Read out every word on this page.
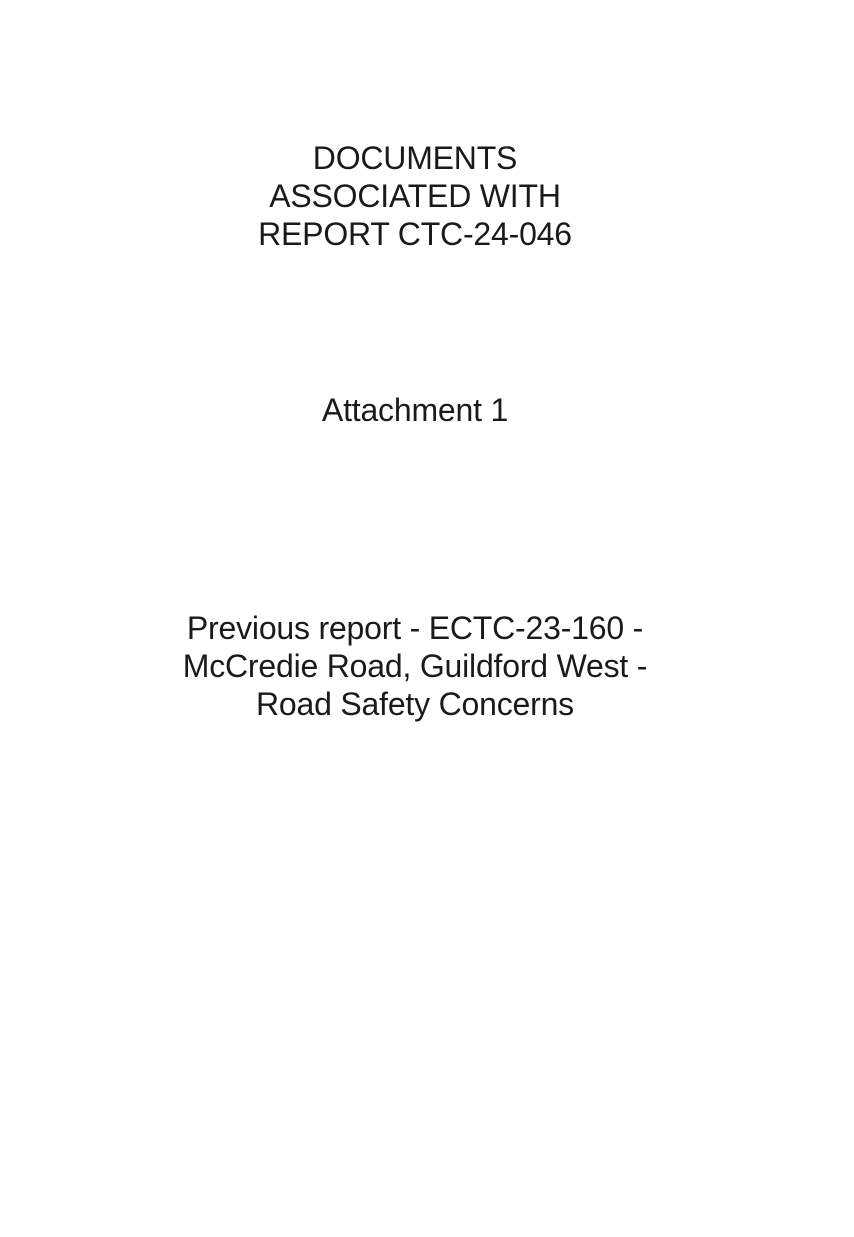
DOCUMENTS
ASSOCIATED WITH
REPORT CTC-24-046
Attachment 1
Previous report - ECTC-23-160 -
McCredie Road, Guildford West -
Road Safety Concerns
